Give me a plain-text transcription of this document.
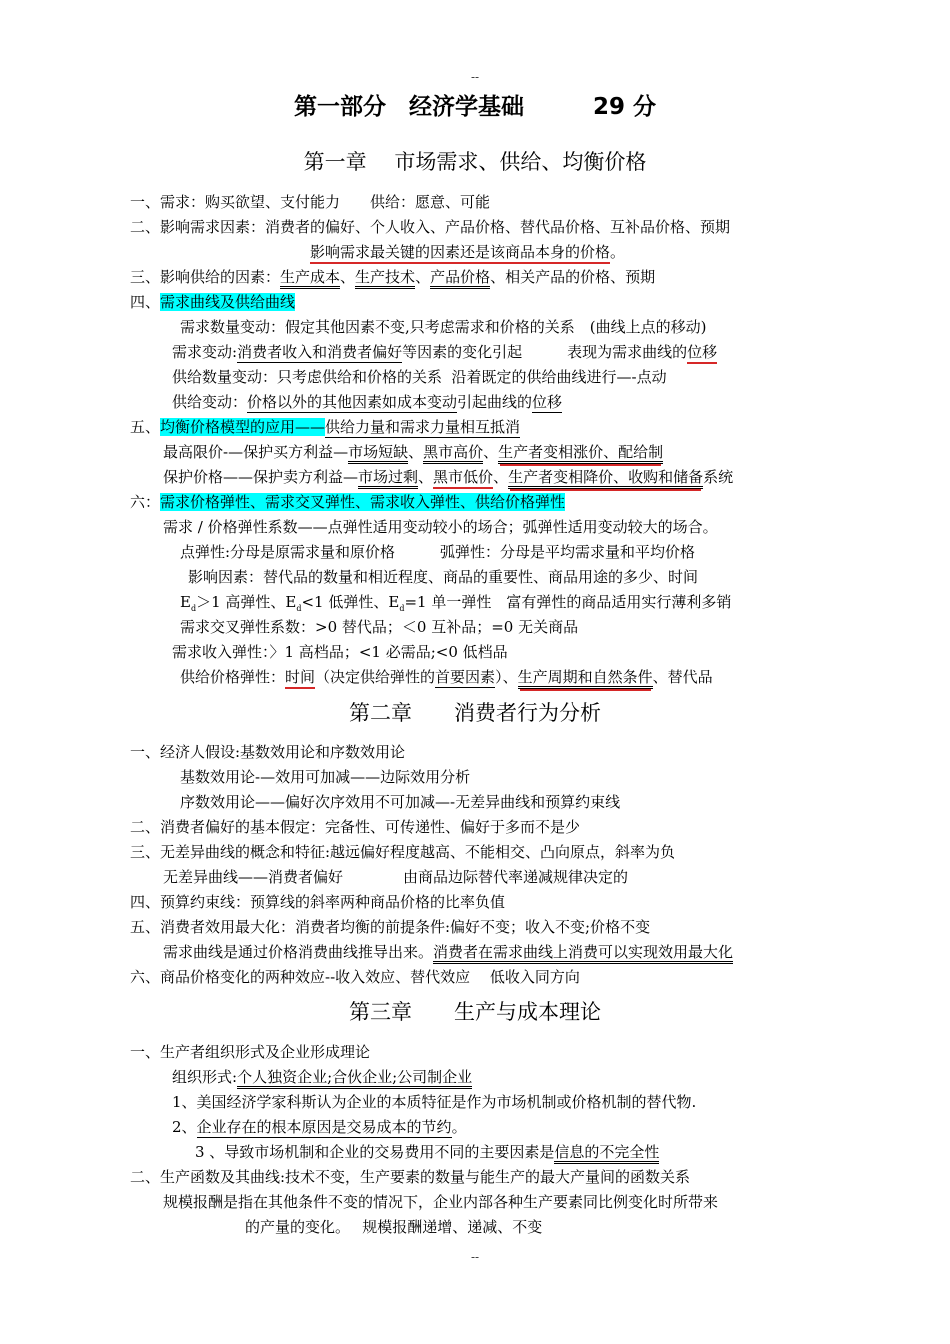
--
第一部分　经济学基础　　　29 分
第一章　 市场需求、供给、均衡价格
一、需求：购买欲望、支付能力　　供给：愿意、可能
二、影响需求因素：消费者的偏好、个人收入、产品价格、替代品价格、互补品价格、预期
影响需求最关键的因素还是该商品本身的价格。
三、影响供给的因素：生产成本、生产技术、产品价格、相关产品的价格、预期
四、需求曲线及供给曲线
需求数量变动：假定其他因素不变,只考虑需求和价格的关系　(曲线上点的移动)
需求变动:消费者收入和消费者偏好等因素的变化引起　　　表现为需求曲线的位移
供给数量变动：只考虑供给和价格的关系  沿着既定的供给曲线进行—-点动
供给变动：价格以外的其他因素如成本变动引起曲线的位移
五、均衡价格模型的应用——供给力量和需求力量相互抵消
最高限价-—保护买方利益—市场短缺、黑市高价、生产者变相涨价、配给制
保护价格——保护卖方利益—市场过剩、黑市低价、生产者变相降价、收购和储备系统
六：需求价格弹性、需求交叉弹性、需求收入弹性、供给价格弹性
需求 / 价格弹性系数——点弹性适用变动较小的场合；弧弹性适用变动较大的场合。
点弹性:分母是原需求量和原价格　　　弧弹性：分母是平均需求量和平均价格
影响因素：替代品的数量和相近程度、商品的重要性、商品用途的多少、时间
$E_d>1$ 高弹性、$E_d<1$ 低弹性、$E_d=1$ 单一弹性　富有弹性的商品适用实行薄利多销
需求交叉弹性系数：>0 替代品；＜0 互补品；=0 无关商品
需求收入弹性：〉1 高档品；<1 必需品;<0 低档品
供给价格弹性：时间（决定供给弹性的首要因素）、生产周期和自然条件、替代品
第二章　　消费者行为分析
一、经济人假设:基数效用论和序数效用论
基数效用论-—效用可加减——边际效用分析
序数效用论——偏好次序效用不可加减—-无差异曲线和预算约束线
二、消费者偏好的基本假定：完备性、可传递性、偏好于多而不是少
三、无差异曲线的概念和特征:越远偏好程度越高、不能相交、凸向原点，斜率为负
无差异曲线——消费者偏好　　　　由商品边际替代率递减规律决定的
四、预算约束线：预算线的斜率两种商品价格的比率负值
五、消费者效用最大化：消费者均衡的前提条件:偏好不变；收入不变;价格不变
需求曲线是通过价格消费曲线推导出来。消费者在需求曲线上消费可以实现效用最大化
六、商品价格变化的两种效应--收入效应、替代效应　 低收入同方向
第三章　　生产与成本理论
一、生产者组织形式及企业形成理论
组织形式:个人独资企业;合伙企业;公司制企业
1、美国经济学家科斯认为企业的本质特征是作为市场机制或价格机制的替代物.
2、企业存在的根本原因是交易成本的节约。
3 、导致市场机制和企业的交易费用不同的主要因素是信息的不完全性
二、生产函数及其曲线:技术不变，生产要素的数量与能生产的最大产量间的函数关系
规模报酬是指在其他条件不变的情况下，企业内部各种生产要素同比例变化时所带来
的产量的变化。　 规模报酬递增、递减、不变
--
